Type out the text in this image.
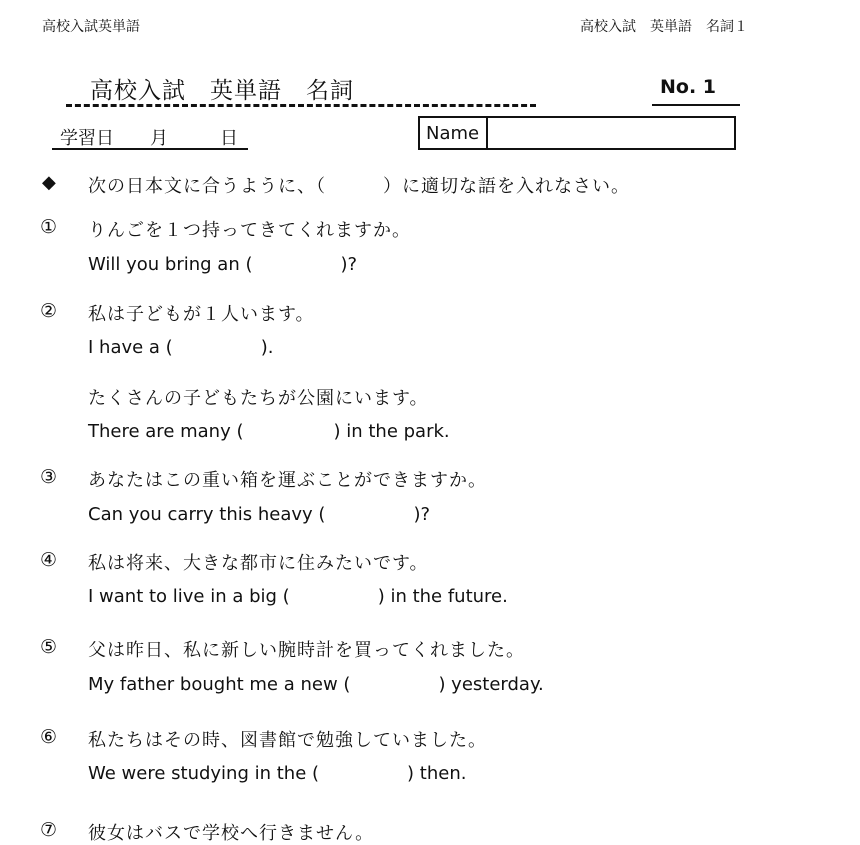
高校入試英単語	高校入試　英単語　名詞１
高校入試　英単語　名詞	No. 1
学習日 月	日	Name
◆ 次の日本文に合うように、（　　　）に適切な語を入れなさい。
① りんごを１つ持ってきてくれますか。
Will you bring an (	)?
② 私は子どもが１人います。
I have a (	).
たくさんの子どもたちが公園にいます。
There are many (	) in the park.
③ あなたはこの重い箱を運ぶことができますか。
Can you carry this heavy (	)?
④ 私は将来、大きな都市に住みたいです。
I want to live in a big (	) in the future.
⑤ 父は昨日、私に新しい腕時計を買ってくれました。
My father bought me a new (	) yesterday.
⑥ 私たちはその時、図書館で勉強していました。
We were studying in the (	) then.
⑦ 彼女はバスで学校へ行きません。
